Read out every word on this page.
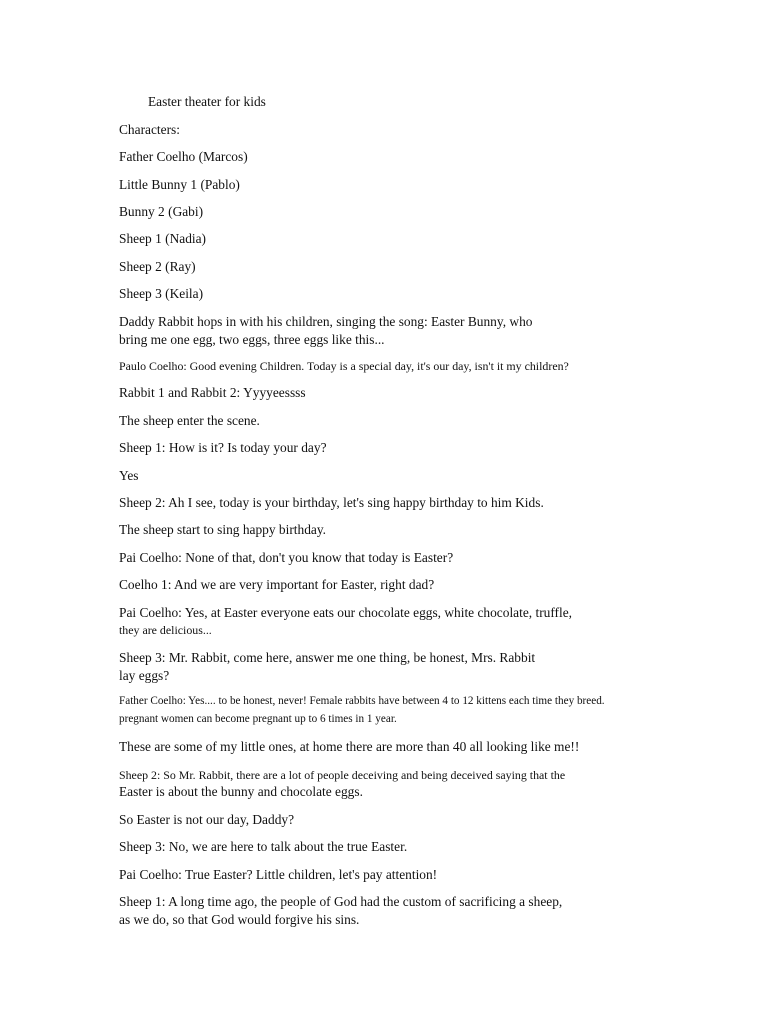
Easter theater for kids
Characters:
Father Coelho (Marcos)
Little Bunny 1 (Pablo)
Bunny 2 (Gabi)
Sheep 1 (Nadia)
Sheep 2 (Ray)
Sheep 3 (Keila)
Daddy Rabbit hops in with his children, singing the song: Easter Bunny, who
bring me one egg, two eggs, three eggs like this...
Paulo Coelho: Good evening Children. Today is a special day, it's our day, isn't it my children?
Rabbit 1 and Rabbit 2: Yyyyeessss
The sheep enter the scene.
Sheep 1: How is it? Is today your day?
Yes
Sheep 2: Ah I see, today is your birthday, let's sing happy birthday to him Kids.
The sheep start to sing happy birthday.
Pai Coelho: None of that, don't you know that today is Easter?
Coelho 1: And we are very important for Easter, right dad?
Pai Coelho: Yes, at Easter everyone eats our chocolate eggs, white chocolate, truffle,
they are delicious...
Sheep 3: Mr. Rabbit, come here, answer me one thing, be honest, Mrs. Rabbit
lay eggs?
Father Coelho: Yes.... to be honest, never! Female rabbits have between 4 to 12 kittens each time they breed.
pregnant women can become pregnant up to 6 times in 1 year.
These are some of my little ones, at home there are more than 40 all looking like me!!
Sheep 2: So Mr. Rabbit, there are a lot of people deceiving and being deceived saying that the
Easter is about the bunny and chocolate eggs.
So Easter is not our day, Daddy?
Sheep 3: No, we are here to talk about the true Easter.
Pai Coelho: True Easter? Little children, let's pay attention!
Sheep 1: A long time ago, the people of God had the custom of sacrificing a sheep,
as we do, so that God would forgive his sins.
